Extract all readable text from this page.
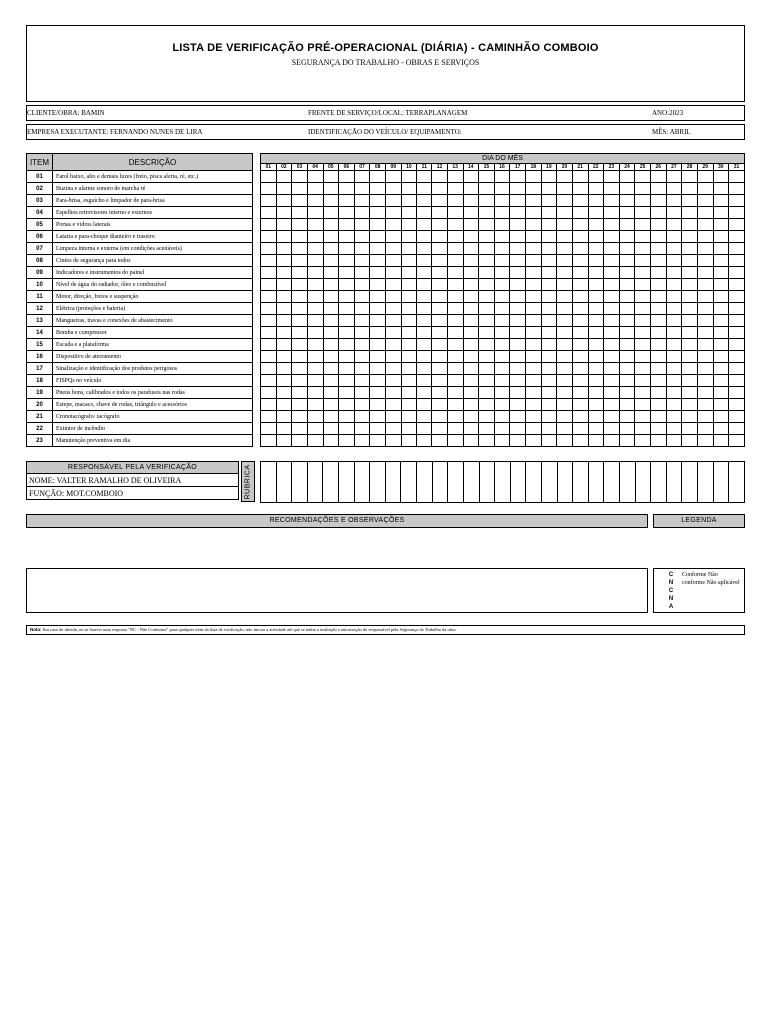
LISTA DE VERIFICAÇÃO PRÉ-OPERACIONAL (DIÁRIA) - CAMINHÃO COMBOIO
SEGURANÇA DO TRABALHO - OBRAS E SERVIÇOS
CLIENTE/OBRA: BAMIN	FRENTE DE SERVIÇO/LOCAL: TERRAPLANAGEM	ANO:2023
EMPRESA EXECUTANTE: FERNANDO NUNES DE LIRA	IDENTIFICAÇÃO DO VEÍCULO/ EQUIPAMENTO:	MÊS: ABRIL
ITEM	DESCRIÇÃO
01	Farol baixo, alto e demais luzes (freio, pisca alerta, ré, etc.)
02	Buzina e alarme sonoro de marcha ré
03	Para-brisa, esguicho e limpador de para-brisa
04	Espelhos retrovisores interno e externos
05	Portas e vidros laterais
06	Lataria e para-choque dianteiro e traseiro
07	Limpeza interna e externa (em condições aceitáveis)
08	Cintos de segurança para todos
09	Indicadores e instrumentos do painel
10	Nível de água do radiador, óleo e combustível
11	Motor, direção, freios e suspenção
12	Elétrica (proteções e bateria)
13	Mangueiras, travas e conexões de abastecimento
14	Bomba e compressor
15	Escada e a plataforma
16	Dispositivo de aterramento
17	Sinalização e identificação dos produtos perigosos
18	FISPQs no veículo
19	Pneus bons, calibrados e todos os parafusos nas rodas
20	Estepe, macaco, chave de rodas, triângulo e acessórios
21	Cronotacógrafo/ tacógrafo
22	Extintor de incêndio
23	Manutenção preventiva em dia
DIA DO MÊS																														
01	02	03	04	05	06	07	08	09	10	11	12	13	14	15	16	17	18	19	20	21	22	23	24	25	26	27	28	29	30	31

RESPONSÁVEL PELA VERIFICAÇÃO
NOME: VALTER RAMALHO DE OLIVEIRA
FUNÇÃO: MOT.COMBOIO	RUBRICA

RECOMENDAÇÕES E OBSERVAÇÕES	LEGENDA
C
N
C
N
A
Conforme Não conforme Não aplicável
Nota: Em caso de dúvida, ou se houver uma resposta "NC - Não Conforme" para qualquer item da lista de verificação, não iniciar a atividade até que se tenha a avaliação e autorização do responsável pela Segurança do Trabalho da obra.
